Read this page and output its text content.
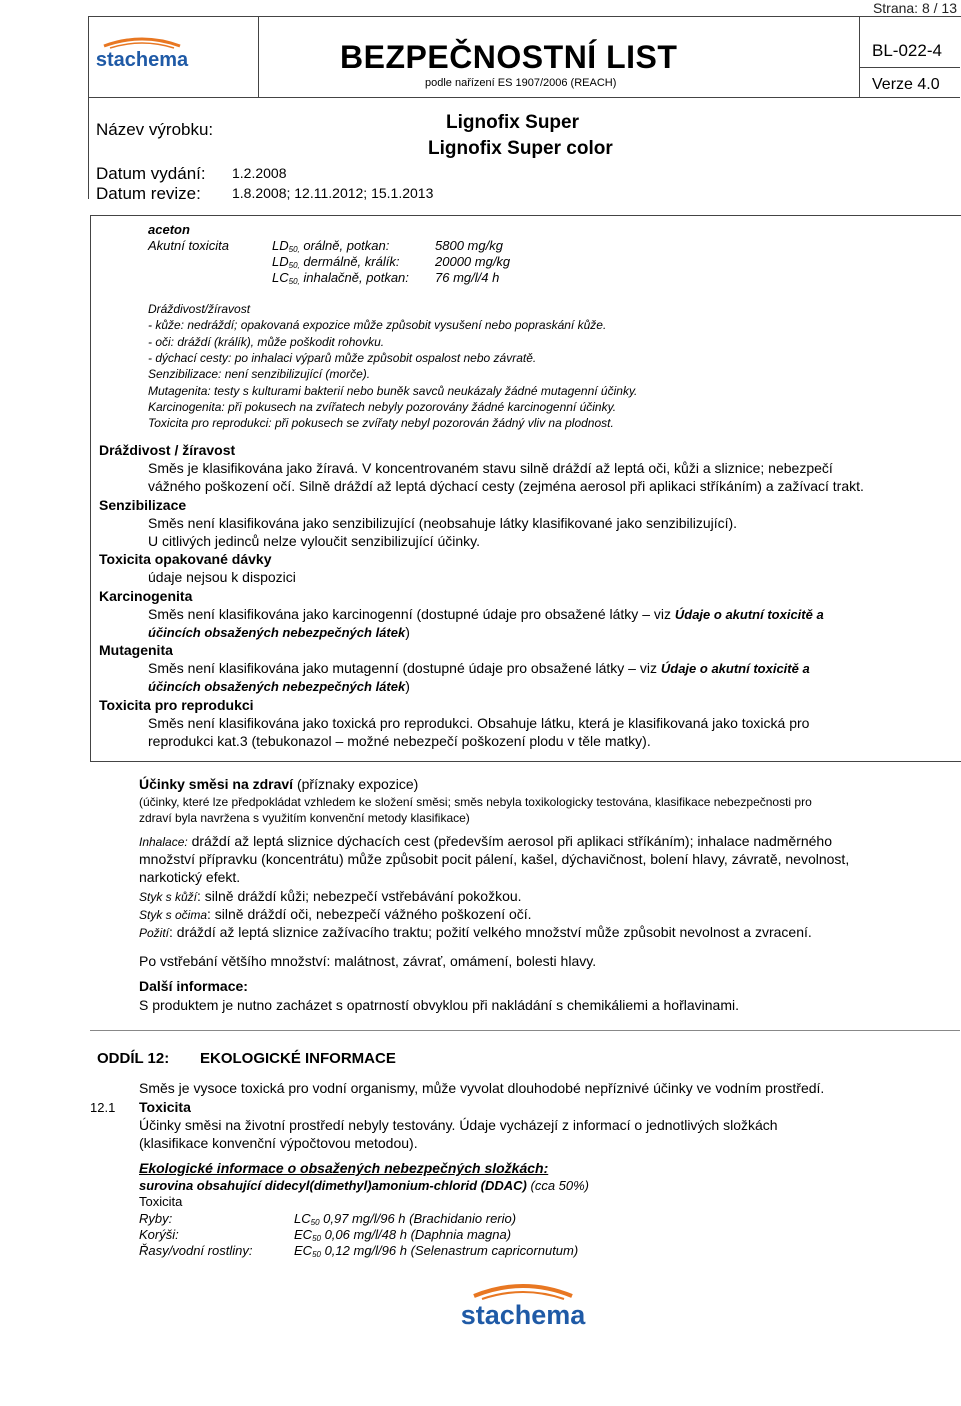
Strana: 8 / 13
stachema	BEZPEČNOSTNÍ LIST
podle nařízení ES 1907/2006 (REACH)
BL-022-4
Verze 4.0
Název výrobku:	Lignofix Super
Lignofix Super color
Datum vydání: 1.2.2008
Datum revize: 1.8.2008; 12.11.2012; 15.1.2013
aceton
Akutní toxicita	$LD_{50,}$ orálně, potkan:	5800 mg/kg
$LD_{50,}$ dermálně, králík:	20000 mg/kg
$LC_{50,}$ inhalačně, potkan: 76 mg/l/4 h
Dráždivost/žíravost
- kůže: nedráždí; opakovaná expozice může způsobit vysušení nebo popraskání kůže.
- oči: dráždí (králík), může poškodit rohovku.
- dýchací cesty: po inhalaci výparů může způsobit ospalost nebo závratě.
Senzibilizace: není senzibilizující (morče).
Mutagenita: testy s kulturami bakterií nebo buněk savců neukázaly žádné mutagenní účinky.
Karcinogenita: při pokusech na zvířatech nebyly pozorovány žádné karcinogenní účinky.
Toxicita pro reprodukci: při pokusech se zvířaty nebyl pozorován žádný vliv na plodnost.
Dráždivost / žíravost
Směs je klasifikována jako žíravá. V koncentrovaném stavu silně dráždí až leptá oči, kůži a sliznice; nebezpečí
vážného poškození očí. Silně dráždí až leptá dýchací cesty (zejména aerosol při aplikaci stříkáním) a zažívací trakt.
Senzibilizace
Směs není klasifikována jako senzibilizující (neobsahuje látky klasifikované jako senzibilizující).
U citlivých jedinců nelze vyloučit senzibilizující účinky.
Toxicita opakované dávky
údaje nejsou k dispozici
Karcinogenita
Směs není klasifikována jako karcinogenní (dostupné údaje pro obsažené látky – viz Údaje o akutní toxicitě a
účincích obsažených nebezpečných látek)
Mutagenita
Směs není klasifikována jako mutagenní (dostupné údaje pro obsažené látky – viz Údaje o akutní toxicitě a
účincích obsažených nebezpečných látek)
Toxicita pro reprodukci
Směs není klasifikována jako toxická pro reprodukci. Obsahuje látku, která je klasifikovaná jako toxická pro
reprodukci kat.3 (tebukonazol – možné nebezpečí poškození plodu v těle matky).
Účinky směsi na zdraví (příznaky expozice)
(účinky, které lze předpokládat vzhledem ke složení směsi; směs nebyla toxikologicky testována, klasifikace nebezpečnosti pro
zdraví byla navržena s využitím konvenční metody klasifikace)
Inhalace: dráždí až leptá sliznice dýchacích cest (především aerosol při aplikaci stříkáním); inhalace nadměrného
množství přípravku (koncentrátu) může způsobit pocit pálení, kašel, dýchavičnost, bolení hlavy, závratě, nevolnost,
narkotický efekt.
Styk s kůží: silně dráždí kůži; nebezpečí vstřebávání pokožkou.
Styk s očima: silně dráždí oči, nebezpečí vážného poškození očí.
Požití: dráždí až leptá sliznice zažívacího traktu; požití velkého množství může způsobit nevolnost a zvracení.
Po vstřebání většího množství: malátnost, závrať, omámení, bolesti hlavy.
Další informace:
S produktem je nutno zacházet s opatrností obvyklou při nakládání s chemikáliemi a hořlavinami.
ODDÍL 12: EKOLOGICKÉ INFORMACE
Směs je vysoce toxická pro vodní organismy, může vyvolat dlouhodobé nepříznivé účinky ve vodním prostředí.
12.1 Toxicita
Účinky směsi na životní prostředí nebyly testovány. Údaje vycházejí z informací o jednotlivých složkách
(klasifikace konvenční výpočtovou metodou).
Ekologické informace o obsažených nebezpečných složkách:
surovina obsahující didecyl(dimethyl)amonium-chlorid (DDAC) (cca 50%)
Toxicita
Ryby:	$LC_{50}$ 0,97 mg/l/96 h (Brachidanio rerio)
Korýši:	$EC_{50}$ 0,06 mg/l/48 h (Daphnia magna)
Řasy/vodní rostliny:	$EC_{50}$ 0,12 mg/l/96 h (Selenastrum capricornutum)
stachema
